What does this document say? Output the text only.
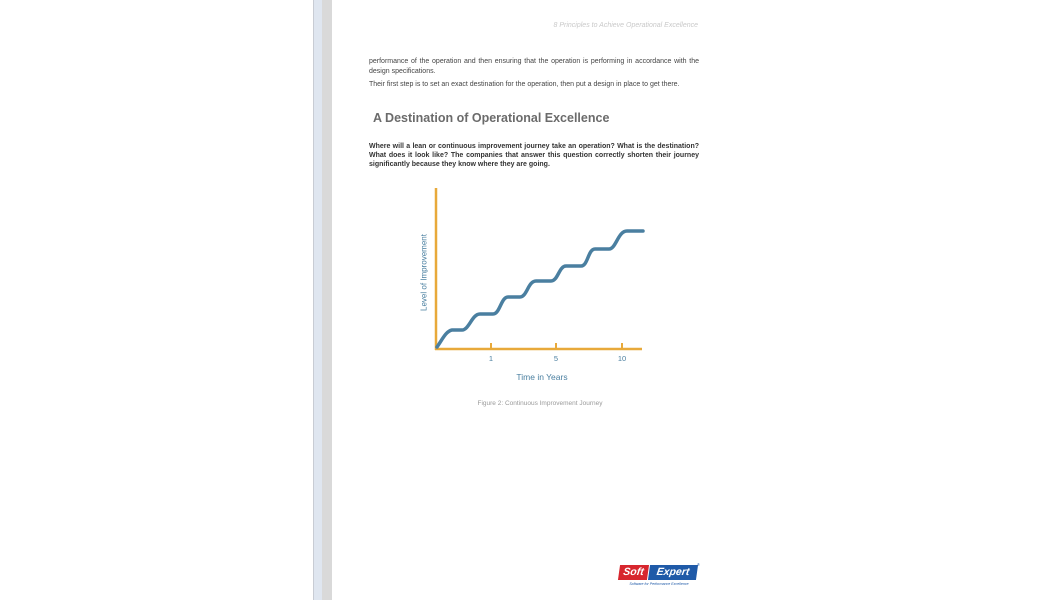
8 Principles to Achieve Operational Excellence

performance of the operation and then ensuring that the operation is performing in accordance with the design specifications.

Their first step is to set an exact destination for the operation, then put a design in place to get there.

A Destination of Operational Excellence

Where will a lean or continuous improvement journey take an operation? What is the destination? What does it look like? The companies that answer this question correctly shorten their journey significantly because they know where they are going.

Level of Improvement
1	5	10
Time in Years
Figure 2: Continuous Improvement Journey
Soft	Expert
®
Software for Performance Excellence
